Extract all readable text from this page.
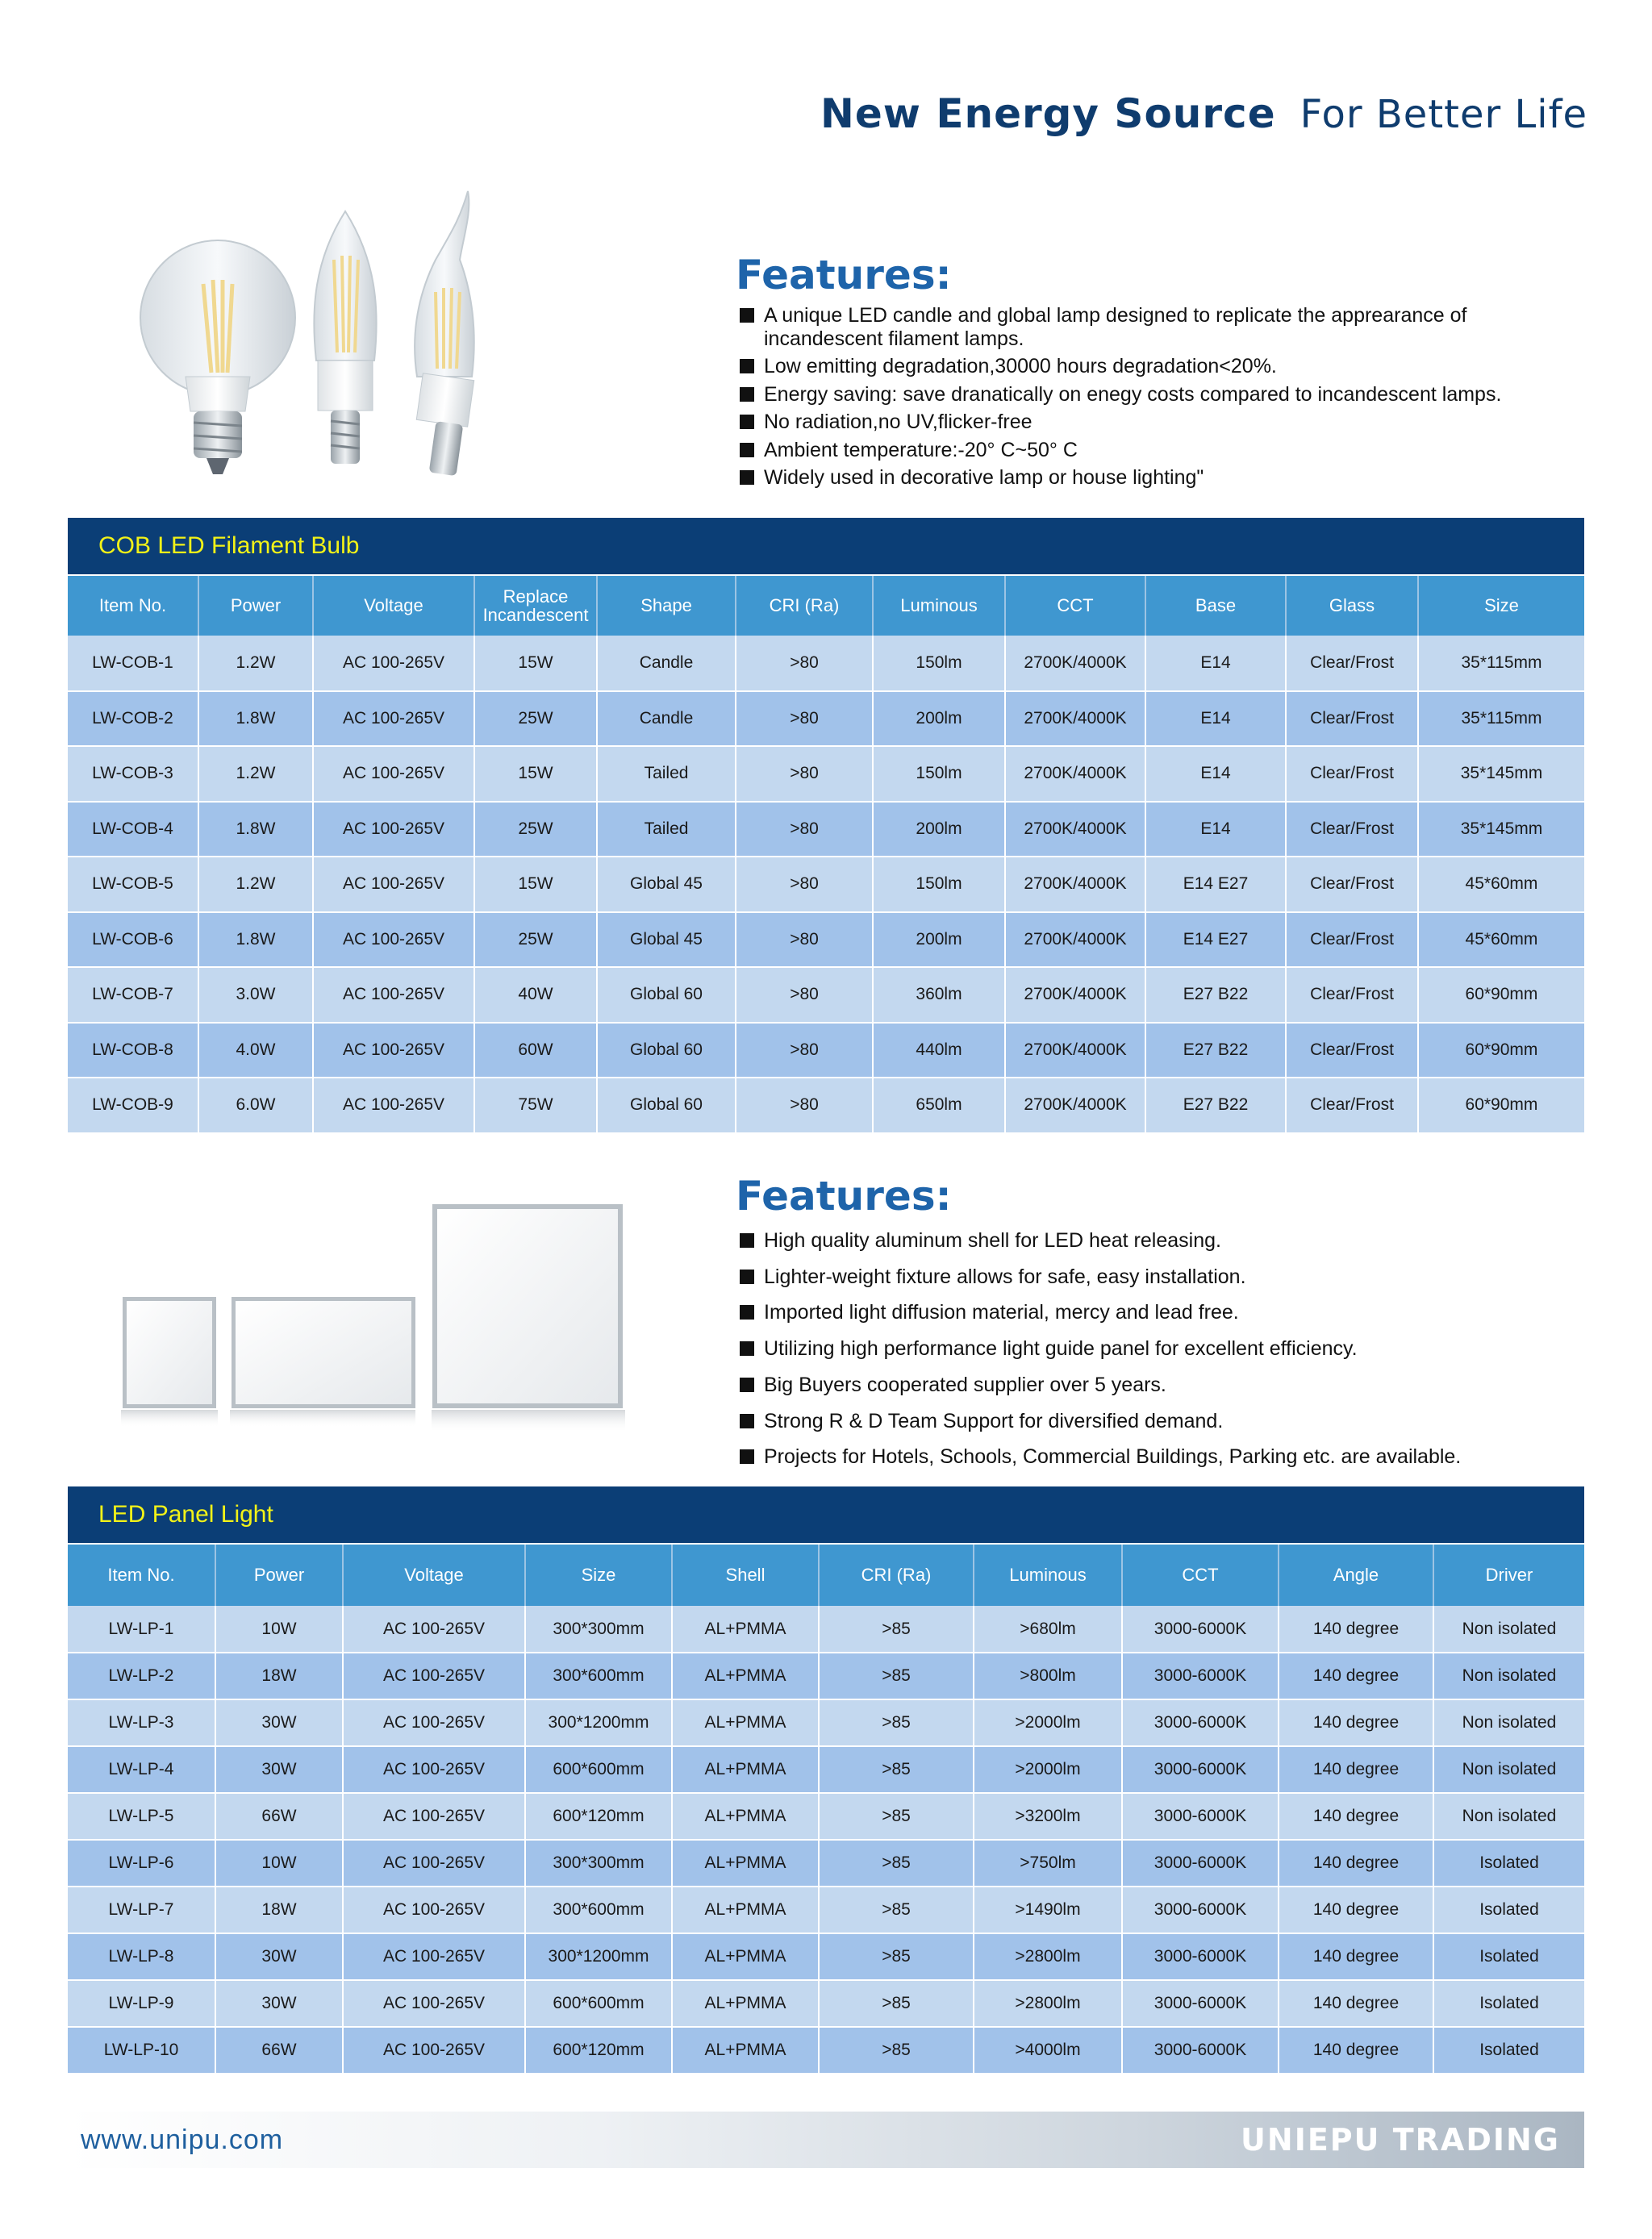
New Energy Source For Better Life
Features:
A unique LED candle and global lamp designed to replicate the apprearance of
incandescent filament lamps.
Low emitting degradation,30000 hours degradation<20%.
Energy saving: save dranatically on enegy costs compared to incandescent lamps.
No radiation,no UV,flicker-free
Ambient temperature:-20° C~50° C
Widely used in decorative lamp or house lighting"
COB LED Filament Bulb
Item No.	Power	Voltage	Replace Incandescent	Shape	CRI (Ra)	Luminous	CCT	Base	Glass	Size
LW-COB-1	1.2W	AC 100-265V	15W	Candle	>80	150lm	2700K/4000K	E14	Clear/Frost	35*115mm
LW-COB-2	1.8W	AC 100-265V	25W	Candle	>80	200lm	2700K/4000K	E14	Clear/Frost	35*115mm
LW-COB-3	1.2W	AC 100-265V	15W	Tailed	>80	150lm	2700K/4000K	E14	Clear/Frost	35*145mm
LW-COB-4	1.8W	AC 100-265V	25W	Tailed	>80	200lm	2700K/4000K	E14	Clear/Frost	35*145mm
LW-COB-5	1.2W	AC 100-265V	15W	Global 45	>80	150lm	2700K/4000K	E14 E27	Clear/Frost	45*60mm
LW-COB-6	1.8W	AC 100-265V	25W	Global 45	>80	200lm	2700K/4000K	E14 E27	Clear/Frost	45*60mm
LW-COB-7	3.0W	AC 100-265V	40W	Global 60	>80	360lm	2700K/4000K	E27 B22	Clear/Frost	60*90mm
LW-COB-8	4.0W	AC 100-265V	60W	Global 60	>80	440lm	2700K/4000K	E27 B22	Clear/Frost	60*90mm
LW-COB-9	6.0W	AC 100-265V	75W	Global 60	>80	650lm	2700K/4000K	E27 B22	Clear/Frost	60*90mm
Features:
High quality aluminum shell for LED heat releasing.
Lighter-weight fixture allows for safe, easy installation.
Imported light diffusion material, mercy and lead free.
Utilizing high performance light guide panel for excellent efficiency.
Big Buyers cooperated supplier over 5 years.
Strong R & D Team Support for diversified demand.
Projects for Hotels, Schools, Commercial Buildings, Parking etc. are available.
LED Panel Light
Item No.	Power	Voltage	Size	Shell	CRI (Ra)	Luminous	CCT	Angle	Driver
LW-LP-1	10W	AC 100-265V	300*300mm	AL+PMMA	>85	>680lm	3000-6000K	140 degree	Non isolated
LW-LP-2	18W	AC 100-265V	300*600mm	AL+PMMA	>85	>800lm	3000-6000K	140 degree	Non isolated
LW-LP-3	30W	AC 100-265V	300*1200mm	AL+PMMA	>85	>2000lm	3000-6000K	140 degree	Non isolated
LW-LP-4	30W	AC 100-265V	600*600mm	AL+PMMA	>85	>2000lm	3000-6000K	140 degree	Non isolated
LW-LP-5	66W	AC 100-265V	600*120mm	AL+PMMA	>85	>3200lm	3000-6000K	140 degree	Non isolated
LW-LP-6	10W	AC 100-265V	300*300mm	AL+PMMA	>85	>750lm	3000-6000K	140 degree	Isolated
LW-LP-7	18W	AC 100-265V	300*600mm	AL+PMMA	>85	>1490lm	3000-6000K	140 degree	Isolated
LW-LP-8	30W	AC 100-265V	300*1200mm	AL+PMMA	>85	>2800lm	3000-6000K	140 degree	Isolated
LW-LP-9	30W	AC 100-265V	600*600mm	AL+PMMA	>85	>2800lm	3000-6000K	140 degree	Isolated
LW-LP-10	66W	AC 100-265V	600*120mm	AL+PMMA	>85	>4000lm	3000-6000K	140 degree	Isolated
www.unipu.com	UNIEPU TRADING
